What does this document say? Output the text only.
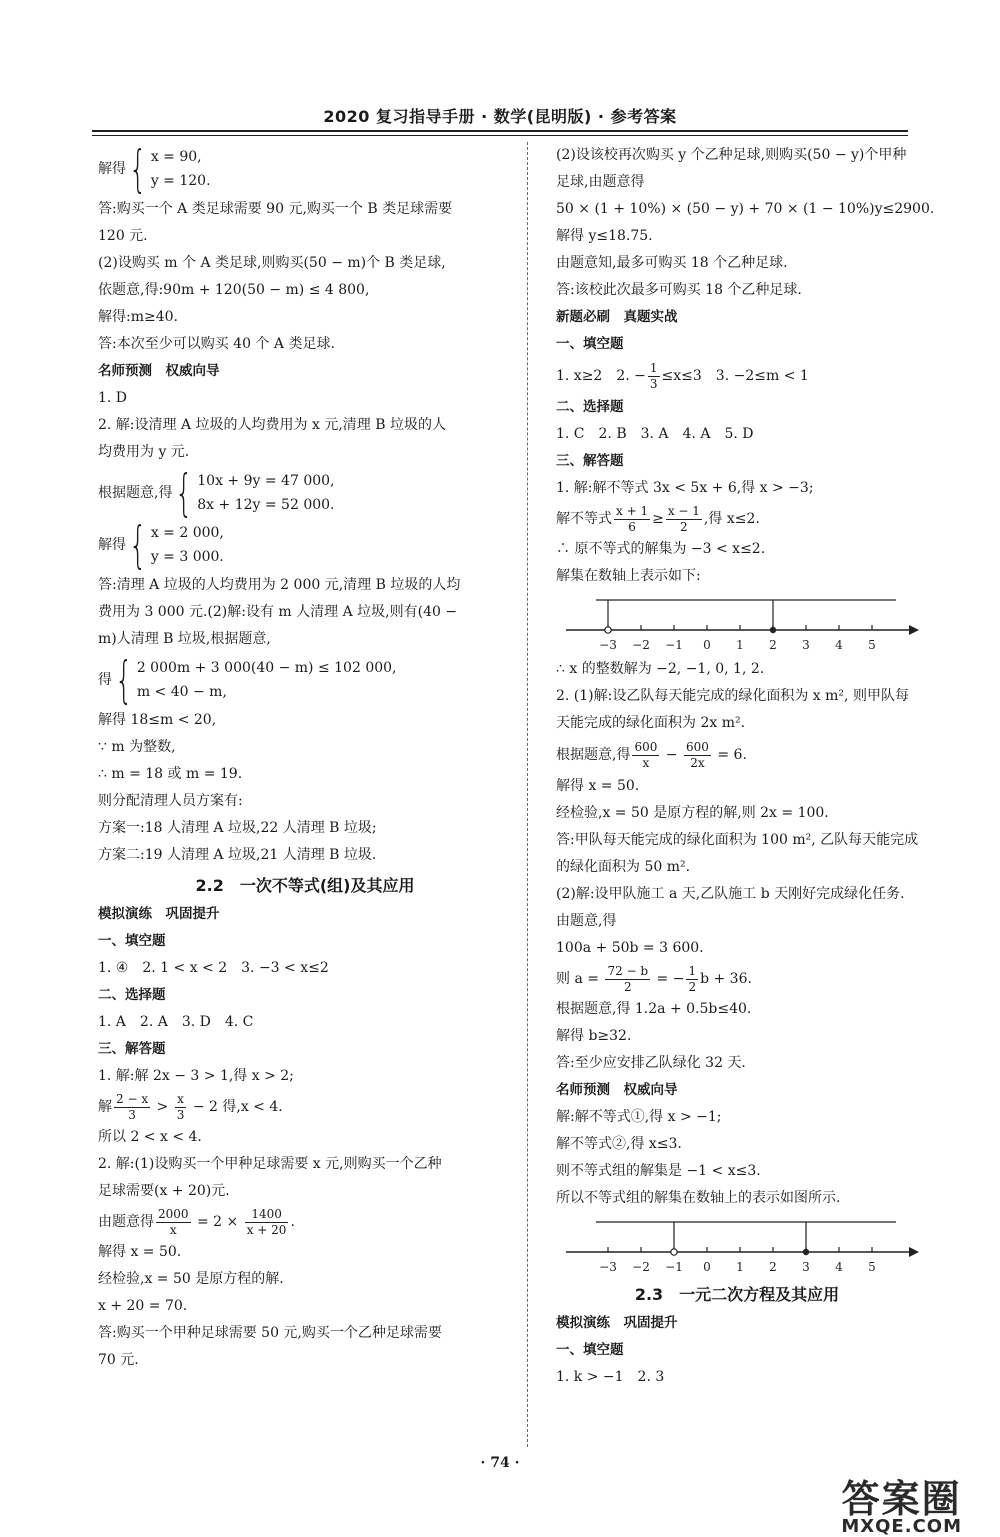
2020 复习指导手册 · 数学(昆明版) · 参考答案
解得 { x = 90,
y = 120.
答:购买一个 A 类足球需要 90 元,购买一个 B 类足球需要
120 元.
(2)设购买 m 个 A 类足球,则购买(50 − m)个 B 类足球,
依题意,得:90m + 120(50 − m) ≤ 4 800,
解得:m≥40.
答:本次至少可以购买 40 个 A 类足球.
名师预测　权威向导
1. D
2. 解:设清理 A 垃圾的人均费用为 x 元,清理 B 垃圾的人
均费用为 y 元.
根据题意,得 { 10x + 9y = 47 000,
8x + 12y = 52 000.
解得 { x = 2 000,
y = 3 000.
答:清理 A 垃圾的人均费用为 2 000 元,清理 B 垃圾的人均
费用为 3 000 元.(2)解:设有 m 人清理 A 垃圾,则有(40 −
m)人清理 B 垃圾,根据题意,
得 { 2 000m + 3 000(40 − m) ≤ 102 000,
m < 40 − m,
解得 18≤m < 20,
∵ m 为整数,
∴ m = 18 或 m = 19.
则分配清理人员方案有:
方案一:18 人清理 A 垃圾,22 人清理 B 垃圾;
方案二:19 人清理 A 垃圾,21 人清理 B 垃圾.
2.2　一次不等式(组)及其应用
模拟演练　巩固提升
一、填空题
1. ④　2. 1 < x < 2　3. −3 < x≤2
二、选择题
1. A　2. A　3. D　4. C
三、解答题
1. 解:解 2x − 3 > 1,得 x > 2;
解 $\frac{2 - x}{3} > \frac{x}{3} - 2$ 得,x < 4.
所以 2 < x < 4.
2. 解:(1)设购买一个甲种足球需要 x 元,则购买一个乙种
足球需要(x + 20)元.
由题意得 $\frac{2000}{x} = 2 \times \frac{1400}{x + 20}$ .
解得 x = 50.
经检验,x = 50 是原方程的解.
x + 20 = 70.
答:购买一个甲种足球需要 50 元,购买一个乙种足球需要
70 元.
(2)设该校再次购买 y 个乙种足球,则购买(50 − y)个甲种
足球,由题意得
50 × (1 + 10%) × (50 − y) + 70 × (1 − 10%)y≤2900.
解得 y≤18.75.
由题意知,最多可购买 18 个乙种足球.
答:该校此次最多可购买 18 个乙种足球.
新题必刷　真题实战
一、填空题
1. x≥2　2. − $\frac{1}{3} \le x\le 3$　3. −2≤m < 1
二、选择题
1. C　2. B　3. A　4. A　5. D
三、解答题
1. 解:解不等式 3x < 5x + 6,得 x > −3;
解不等式 $\frac{x + 1}{6} \ge \frac{x - 1}{2}$ ,得 x≤2.
∴ 原不等式的解集为 −3 < x≤2.
解集在数轴上表示如下:
−3 −2 −1 0 1 2 3 4 5
∴ x 的整数解为 −2, −1, 0, 1, 2.
2. (1)解:设乙队每天能完成的绿化面积为 x m², 则甲队每
天能完成的绿化面积为 2x m².
根据题意,得 $\frac{600}{x} - \frac{600}{2x} = 6$.
解得 x = 50.
经检验,x = 50 是原方程的解,则 2x = 100.
答:甲队每天能完成的绿化面积为 100 m², 乙队每天能完成
的绿化面积为 50 m².
(2)解:设甲队施工 a 天,乙队施工 b 天刚好完成绿化任务.
由题意,得
100a + 50b = 3 600.
则 $a = \frac{72 - b}{2}$ = − $\frac{1}{2}$ b + 36.
根据题意,得 1.2a + 0.5b≤40.
解得 b≥32.
答:至少应安排乙队绿化 32 天.
名师预测　权威向导
解:解不等式①,得 x > −1;
解不等式②,得 x≤3.
则不等式组的解集是 −1 < x≤3.
所以不等式组的解集在数轴上的表示如图所示.
−3 −2 −1 0 1 2 3 4 5
2.3　一元二次方程及其应用
模拟演练　巩固提升
一、填空题
1. k > −1　2. 3
· 74 ·
答案圈
MXQE.COM
